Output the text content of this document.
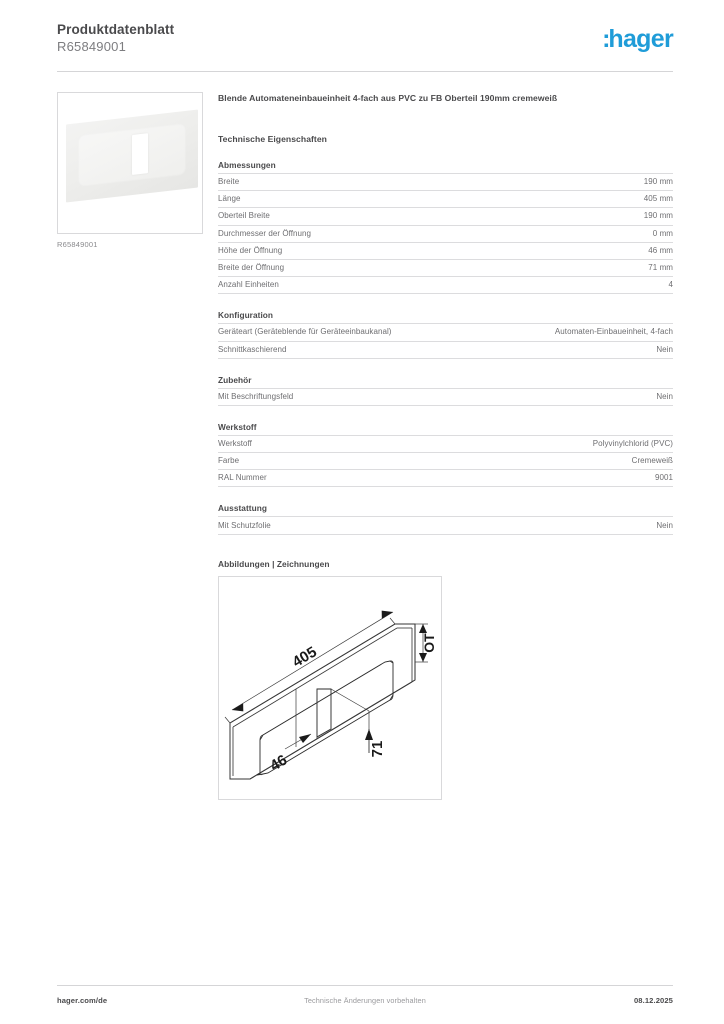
Produktdatenblatt
R65849001	:hager
R65849001
Blende Automateneinbaueinheit 4-fach aus PVC zu FB Oberteil 190mm cremeweiß
Technische Eigenschaften
Abmessungen
Breite	190 mm
Länge	405 mm
Oberteil Breite	190 mm
Durchmesser der Öffnung	0 mm
Höhe der Öffnung	46 mm
Breite der Öffnung	71 mm
Anzahl Einheiten	4
Konfiguration
Geräteart (Geräteblende für Geräteeinbaukanal)	Automaten-Einbaueinheit, 4-fach
Schnittkaschierend	Nein
Zubehör
Mit Beschriftungsfeld	Nein
Werkstoff
Werkstoff	Polyvinylchlorid (PVC)
Farbe	Cremeweiß
RAL Nummer	9001
Ausstattung
Mit Schutzfolie	Nein
Abbildungen | Zeichnungen
405
OT
46
71
hager.com/de	Technische Änderungen vorbehalten	08.12.2025
